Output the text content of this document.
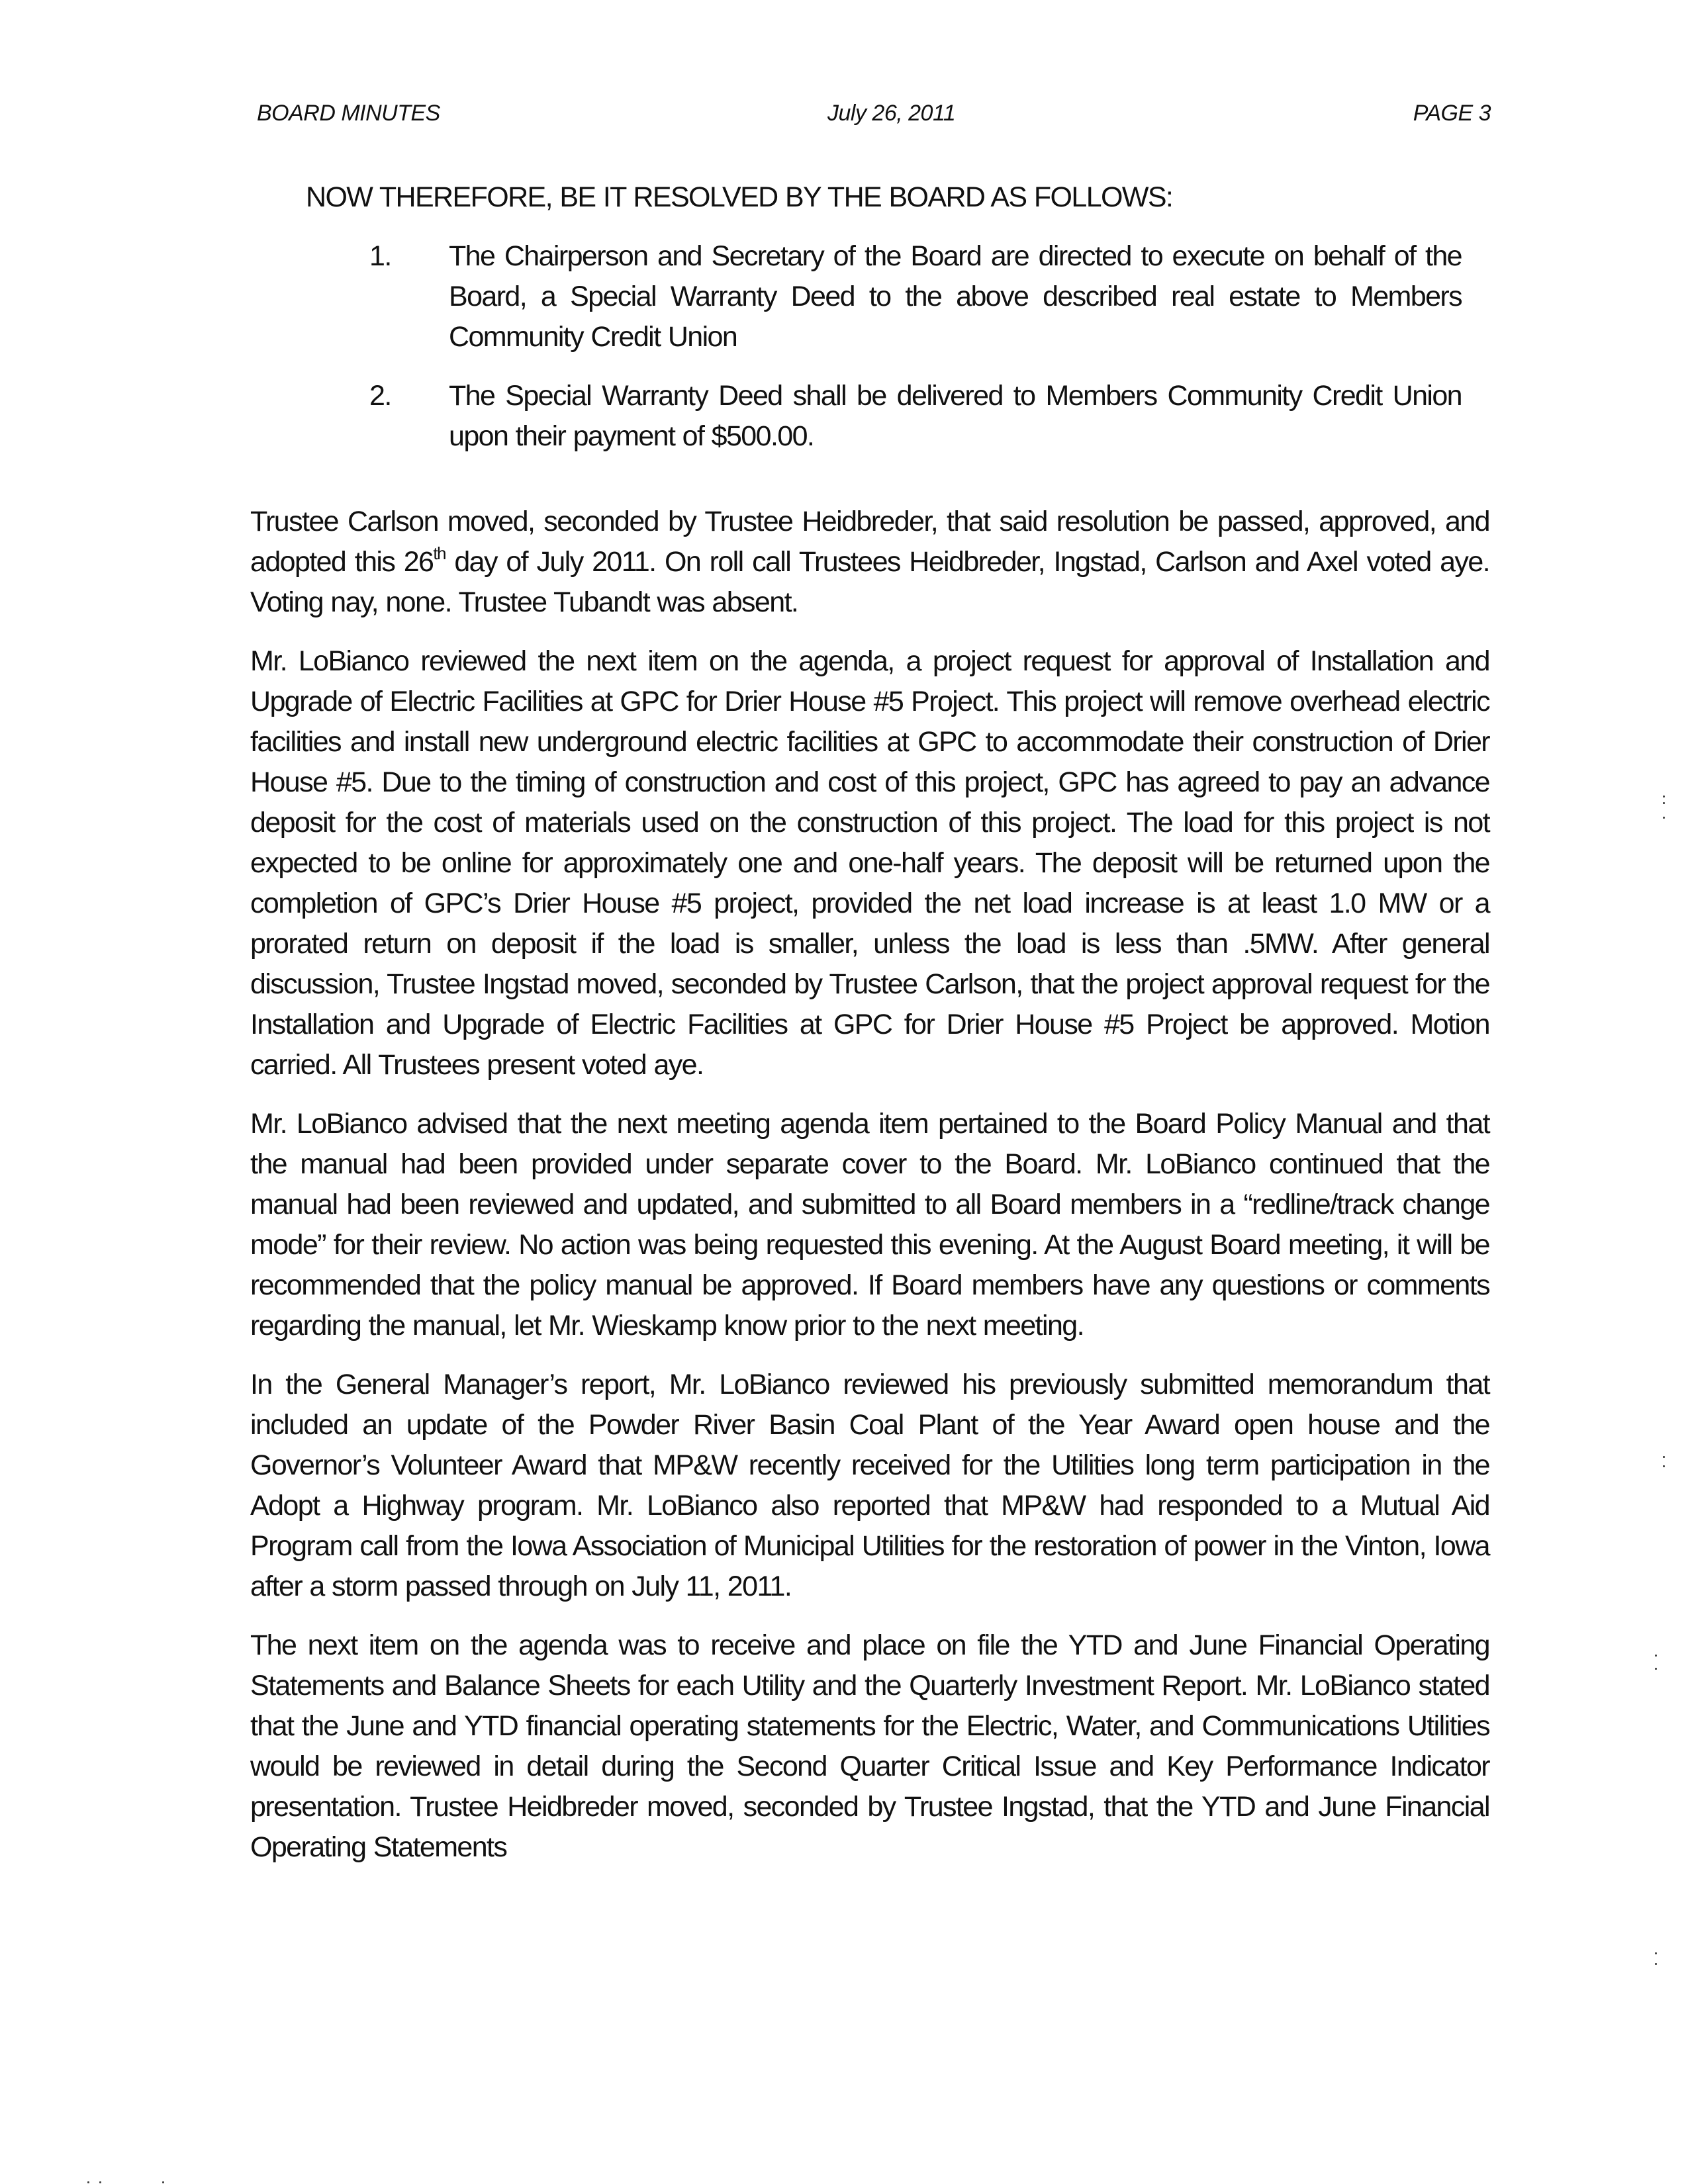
BOARD MINUTES	July 26, 2011	PAGE 3
NOW THEREFORE, BE IT RESOLVED BY THE BOARD AS FOLLOWS:
1. The Chairperson and Secretary of the Board are directed to execute on behalf of the Board, a Special Warranty Deed to the above described real estate to Members Community Credit Union
2. The Special Warranty Deed shall be delivered to Members Community Credit Union upon their payment of $500.00.

Trustee Carlson moved, seconded by Trustee Heidbreder, that said resolution be passed, approved, and adopted this 26th day of July 2011. On roll call Trustees Heidbreder, Ingstad, Carlson and Axel voted aye. Voting nay, none. Trustee Tubandt was absent.

Mr. LoBianco reviewed the next item on the agenda, a project request for approval of Installation and Upgrade of Electric Facilities at GPC for Drier House #5 Project. This project will remove overhead electric facilities and install new underground electric facilities at GPC to accommodate their construction of Drier House #5. Due to the timing of construction and cost of this project, GPC has agreed to pay an advance deposit for the cost of materials used on the construction of this project. The load for this project is not expected to be online for approximately one and one-half years. The deposit will be returned upon the completion of GPC’s Drier House #5 project, provided the net load increase is at least 1.0 MW or a prorated return on deposit if the load is smaller, unless the load is less than .5MW. After general discussion, Trustee Ingstad moved, seconded by Trustee Carlson, that the project approval request for the Installation and Upgrade of Electric Facilities at GPC for Drier House #5 Project be approved. Motion carried. All Trustees present voted aye.

Mr. LoBianco advised that the next meeting agenda item pertained to the Board Policy Manual and that the manual had been provided under separate cover to the Board. Mr. LoBianco continued that the manual had been reviewed and updated, and submitted to all Board members in a “redline/track change mode” for their review. No action was being requested this evening. At the August Board meeting, it will be recommended that the policy manual be approved. If Board members have any questions or comments regarding the manual, let Mr. Wieskamp know prior to the next meeting.

In the General Manager’s report, Mr. LoBianco reviewed his previously submitted memorandum that included an update of the Powder River Basin Coal Plant of the Year Award open house and the Governor’s Volunteer Award that MP&W recently received for the Utilities long term participation in the Adopt a Highway program. Mr. LoBianco also reported that MP&W had responded to a Mutual Aid Program call from the Iowa Association of Municipal Utilities for the restoration of power in the Vinton, Iowa after a storm passed through on July 11, 2011.

The next item on the agenda was to receive and place on file the YTD and June Financial Operating Statements and Balance Sheets for each Utility and the Quarterly Investment Report. Mr. LoBianco stated that the June and YTD financial operating statements for the Electric, Water, and Communications Utilities would be reviewed in detail during the Second Quarter Critical Issue and Key Performance Indicator presentation. Trustee Heidbreder moved, seconded by Trustee Ingstad, that the YTD and June Financial Operating Statements
